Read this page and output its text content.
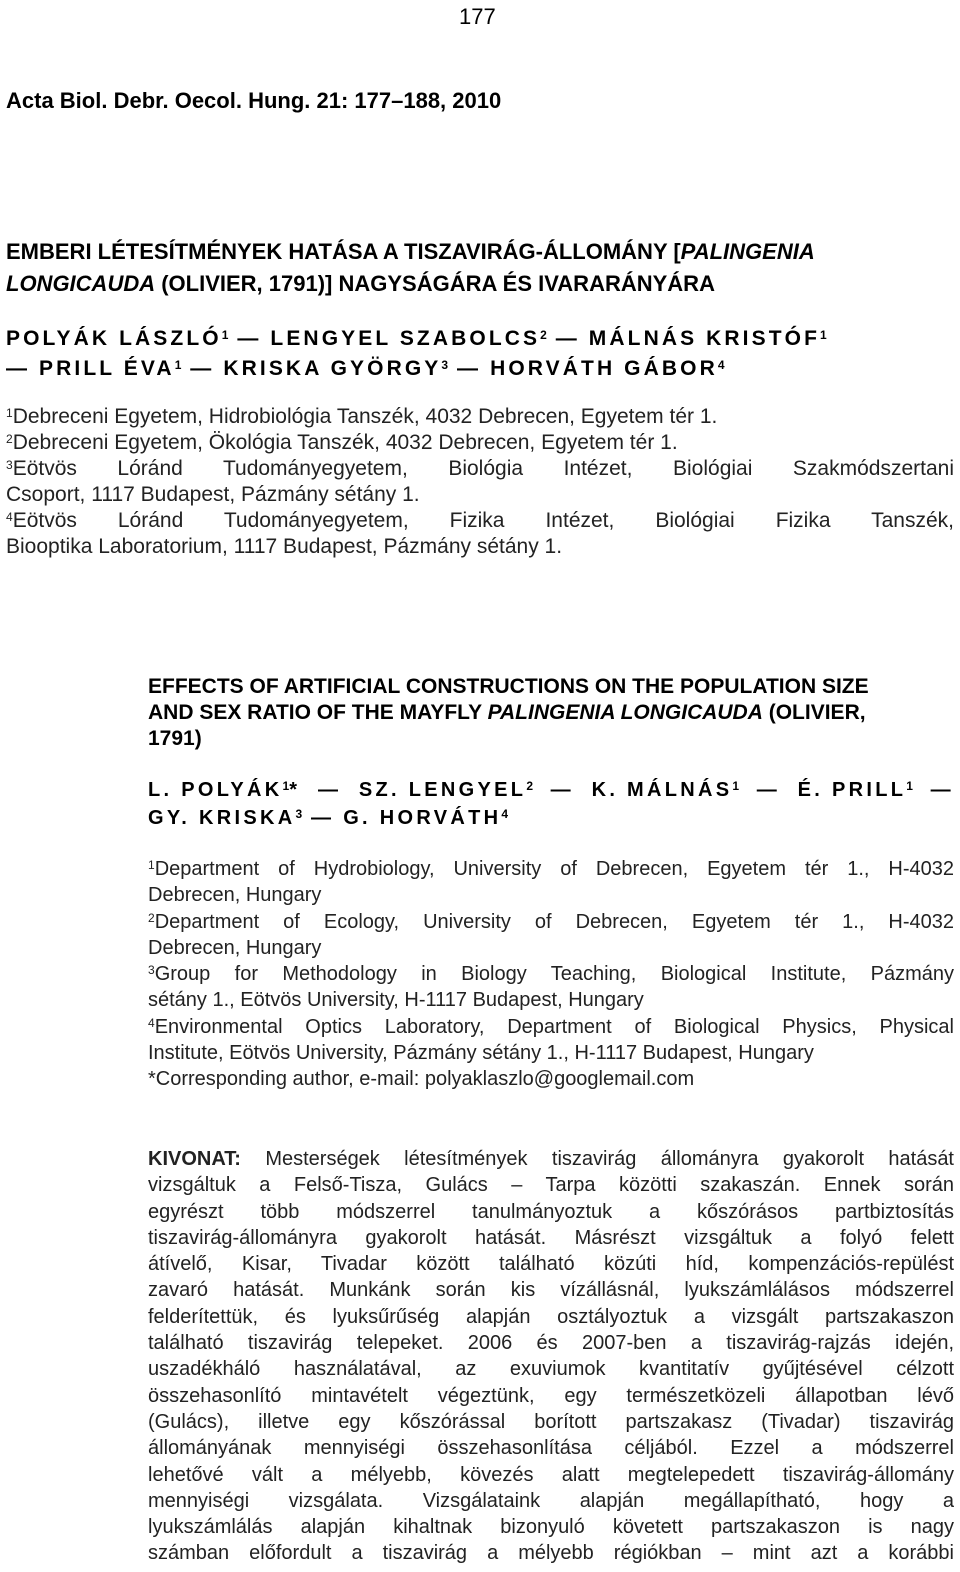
177
Acta Biol. Debr. Oecol. Hung. 21: 177–188, 2010
EMBERI LÉTESÍTMÉNYEK HATÁSA A TISZAVIRÁG-ÁLLOMÁNY [PALINGENIA
LONGICAUDA (OLIVIER, 1791)] NAGYSÁGÁRA ÉS IVARARÁNYÁRA
POLYÁK LÁSZLÓ$^1$ — LENGYEL SZABOLCS$^2$ — MÁLNÁS KRISTÓF$^1$
— PRILL ÉVA$^1$ — KRISKA GYÖRGY$^3$ — HORVÁTH GÁBOR$^4$

$^1$Debreceni Egyetem, Hidrobiológia Tanszék, 4032 Debrecen, Egyetem tér 1.

$^2$Debreceni Egyetem, Ökológia Tanszék, 4032 Debrecen, Egyetem tér 1.

$^3$Eötvös Lóránd Tudományegyetem, Biológia Intézet, Biológiai Szakmódszertani
Csoport, 1117 Budapest, Pázmány sétány 1.

$^4$Eötvös Lóránd Tudományegyetem, Fizika Intézet, Biológiai Fizika Tanszék,
Biooptika Laboratorium, 1117 Budapest, Pázmány sétány 1.

EFFECTS OF ARTIFICIAL CONSTRUCTIONS ON THE POPULATION SIZE
AND SEX RATIO OF THE MAYFLY PALINGENIA LONGICAUDA (OLIVIER,
1791)
L. POLYÁK$^1$* — SZ. LENGYEL$^2$ — K. MÁLNÁS$^1$ — É. PRILL$^1$ —
GY. KRISKA$^3$ — G. HORVÁTH$^4$

$^1$Department of Hydrobiology, University of Debrecen, Egyetem tér 1., H-4032
Debrecen, Hungary

$^2$Department of Ecology, University of Debrecen, Egyetem tér 1., H-4032
Debrecen, Hungary

$^3$Group for Methodology in Biology Teaching, Biological Institute, Pázmány
sétány 1., Eötvös University, H-1117 Budapest, Hungary

$^4$Environmental Optics Laboratory, Department of Biological Physics, Physical
Institute, Eötvös University, Pázmány sétány 1., H-1117 Budapest, Hungary

*Corresponding author, e-mail: polyaklaszlo@googlemail.com

KIVONAT: Mesterségek létesítmények tiszavirág állományra gyakorolt hatását
vizsgáltuk a Felső-Tisza, Gulács – Tarpa közötti szakaszán. Ennek során
egyrészt több módszerrel tanulmányoztuk a kőszórásos partbiztosítás
tiszavirág-állományra gyakorolt hatását. Másrészt vizsgáltuk a folyó felett
átívelő, Kisar, Tivadar között található közúti híd, kompenzációs-repülést
zavaró hatását. Munkánk során kis vízállásnál, lyukszámlálásos módszerrel
felderítettük, és lyuksűrűség alapján osztályoztuk a vizsgált partszakaszon
található tiszavirág telepeket. 2006 és 2007-ben a tiszavirág-rajzás idején,
uszadékháló használatával, az exuviumok kvantitatív gyűjtésével célzott
összehasonlító mintavételt végeztünk, egy természetközeli állapotban lévő
(Gulács), illetve egy kőszórással borított partszakasz (Tivadar) tiszavirág
állományának mennyiségi összehasonlítása céljából. Ezzel a módszerrel
lehetővé vált a mélyebb, kövezés alatt megtelepedett tiszavirág-állomány
mennyiségi vizsgálata. Vizsgálataink alapján megállapítható, hogy a
lyukszámlálás alapján kihaltnak bizonyuló követett partszakaszon is nagy
számban előfordult a tiszavirág a mélyebb régiókban – mint azt a korábbi
